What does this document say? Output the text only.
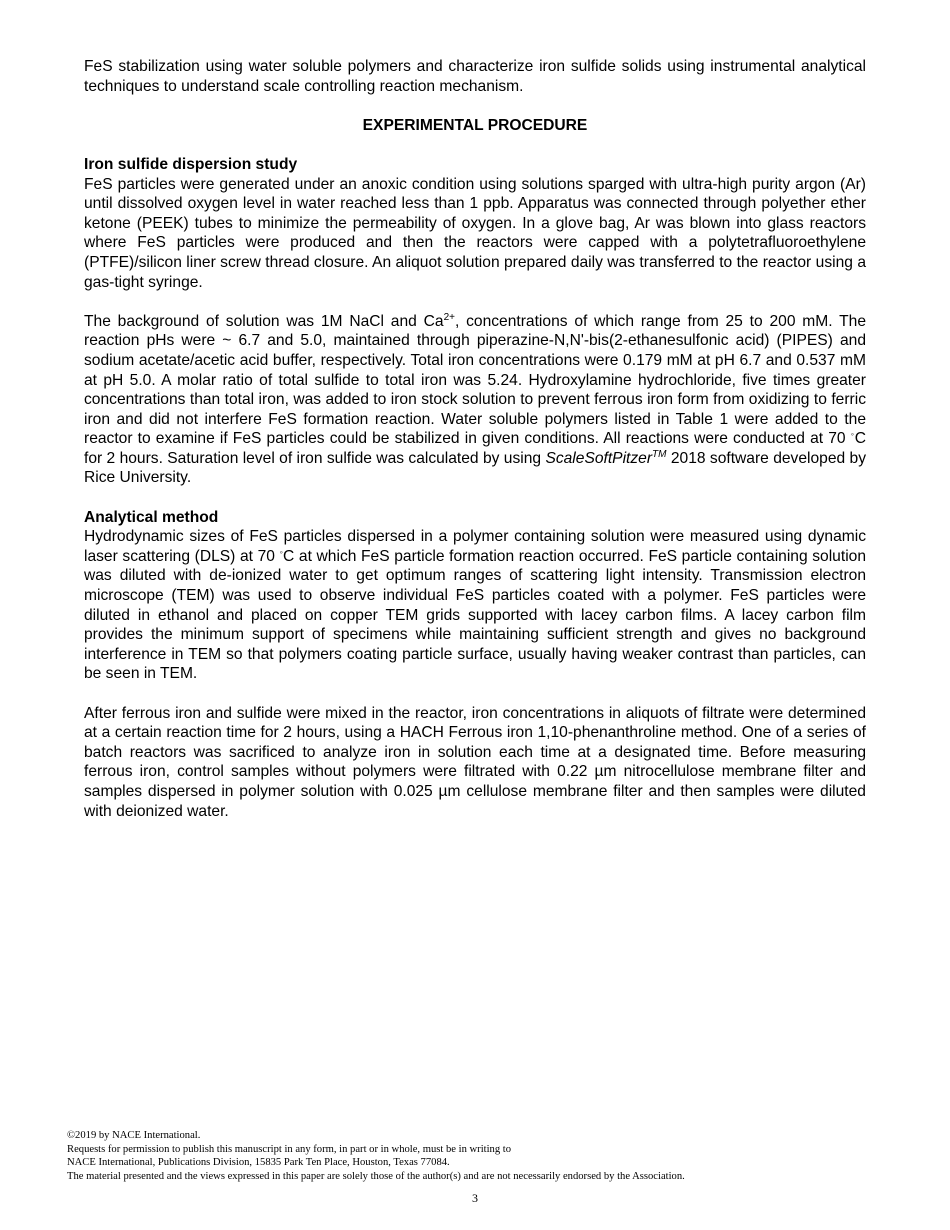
FeS stabilization using water soluble polymers and characterize iron sulfide solids using instrumental analytical techniques to understand scale controlling reaction mechanism.

EXPERIMENTAL PROCEDURE
Iron sulfide dispersion study

FeS particles were generated under an anoxic condition using solutions sparged with ultra-high purity argon (Ar) until dissolved oxygen level in water reached less than 1 ppb. Apparatus was connected through polyether ether ketone (PEEK) tubes to minimize the permeability of oxygen. In a glove bag, Ar was blown into glass reactors where FeS particles were produced and then the reactors were capped with a polytetrafluoroethylene (PTFE)/silicon liner screw thread closure. An aliquot solution prepared daily was transferred to the reactor using a gas-tight syringe.

The background of solution was 1M NaCl and $Ca^{2+}$, concentrations of which range from 25 to 200 mM. The reaction pHs were ~ 6.7 and 5.0, maintained through piperazine-N,N'-bis(2-ethanesulfonic acid) (PIPES) and sodium acetate/acetic acid buffer, respectively. Total iron concentrations were 0.179 mM at pH 6.7 and 0.537 mM at pH 5.0. A molar ratio of total sulfide to total iron was 5.24. Hydroxylamine hydrochloride, five times greater concentrations than total iron, was added to iron stock solution to prevent ferrous iron form from oxidizing to ferric iron and did not interfere FeS formation reaction. Water soluble polymers listed in Table 1 were added to the reactor to examine if FeS particles could be stabilized in given conditions. All reactions were conducted at 70 ◦C for 2 hours. Saturation level of iron sulfide was calculated by using ScaleSoftPitzer™ 2018 software developed by Rice University.

Analytical method

Hydrodynamic sizes of FeS particles dispersed in a polymer containing solution were measured using dynamic laser scattering (DLS) at 70 ◦C at which FeS particle formation reaction occurred. FeS particle containing solution was diluted with de-ionized water to get optimum ranges of scattering light intensity. Transmission electron microscope (TEM) was used to observe individual FeS particles coated with a polymer. FeS particles were diluted in ethanol and placed on copper TEM grids supported with lacey carbon films. A lacey carbon film provides the minimum support of specimens while maintaining sufficient strength and gives no background interference in TEM so that polymers coating particle surface, usually having weaker contrast than particles, can be seen in TEM.

After ferrous iron and sulfide were mixed in the reactor, iron concentrations in aliquots of filtrate were determined at a certain reaction time for 2 hours, using a HACH Ferrous iron 1,10-phenanthroline method. One of a series of batch reactors was sacrificed to analyze iron in solution each time at a designated time. Before measuring ferrous iron, control samples without polymers were filtrated with 0.22 µm nitrocellulose membrane filter and samples dispersed in polymer solution with 0.025 µm cellulose membrane filter and then samples were diluted with deionized water.

©2019 by NACE International.
Requests for permission to publish this manuscript in any form, in part or in whole, must be in writing to
NACE International, Publications Division, 15835 Park Ten Place, Houston, Texas 77084.
The material presented and the views expressed in this paper are solely those of the author(s) and are not necessarily endorsed by the Association.
3
